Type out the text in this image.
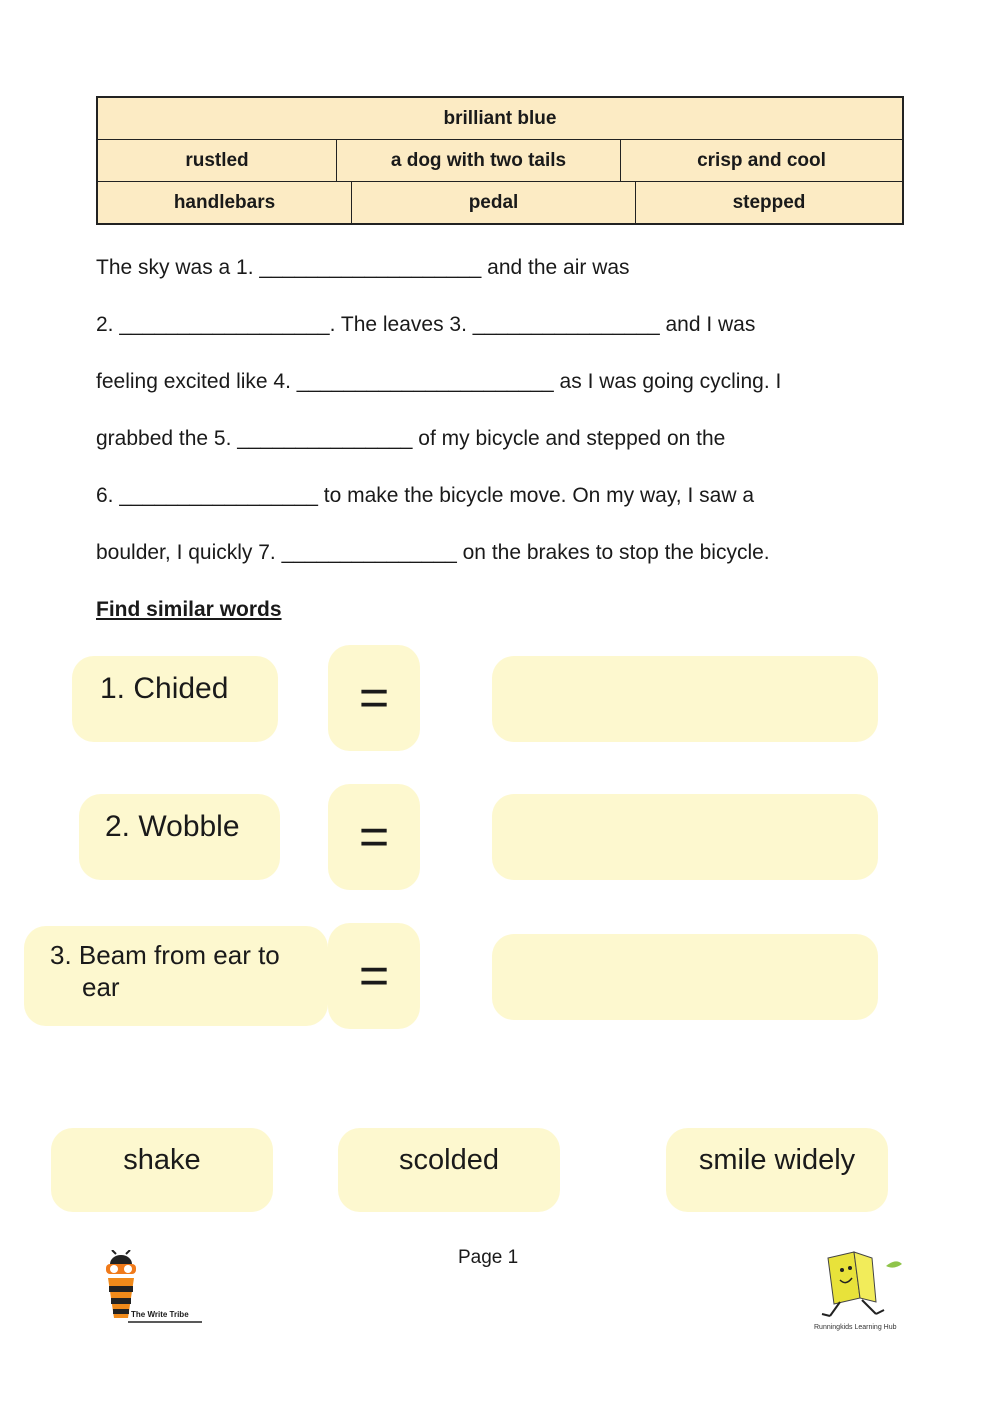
brilliant blue
rustled	a dog with two tails	crisp and cool
handlebars	pedal	stepped
The sky was a 1. ___________________ and the air was
2. __________________. The leaves 3. ________________ and I was
feeling excited like 4. ______________________ as I was going cycling. I
grabbed the 5. _______________ of my bicycle and stepped on the
6. _________________ to make the bicycle move. On my way, I saw a
boulder, I quickly 7. _______________ on the brakes to stop the bicycle.
Find similar words
1. Chided	=
2. Wobble	=
3. Beam from ear to
ear	=
shake	scolded	smile widely
The Write Tribe
Page 1
Runningkids Learning Hub
